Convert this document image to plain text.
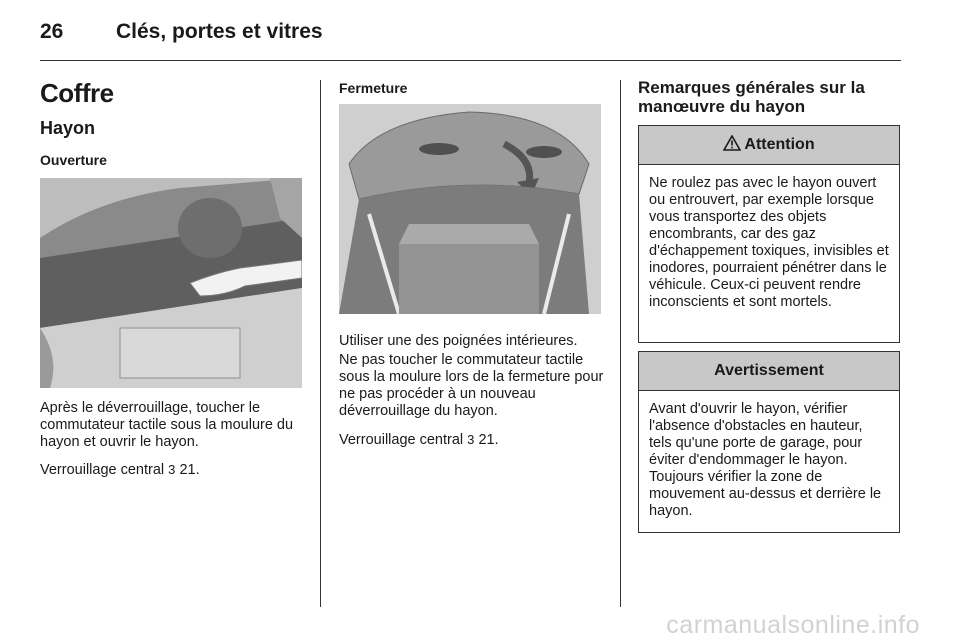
26	Clés, portes et vitres
Coffre
Hayon
Ouverture
Après le déverrouillage, toucher le commutateur tactile sous la moulure du hayon et ouvrir le hayon.
Verrouillage central 3 21.
Fermeture
Utiliser une des poignées intérieures.
Ne pas toucher le commutateur tactile sous la moulure lors de la fermeture pour ne pas procéder à un nouveau déverrouillage du hayon.
Verrouillage central 3 21.
Remarques générales sur la manœuvre du hayon
Attention
Ne roulez pas avec le hayon ouvert ou entrouvert, par exemple lorsque vous transportez des objets encombrants, car des gaz d'échappement toxiques, invisibles et inodores, pourraient pénétrer dans le véhicule. Ceux-ci peuvent rendre inconscients et sont mortels.
Avertissement
Avant d'ouvrir le hayon, vérifier l'absence d'obstacles en hauteur, tels qu'une porte de garage, pour éviter d'endommager le hayon. Toujours vérifier la zone de mouvement au-dessus et derrière le hayon.
carmanualsonline.info
